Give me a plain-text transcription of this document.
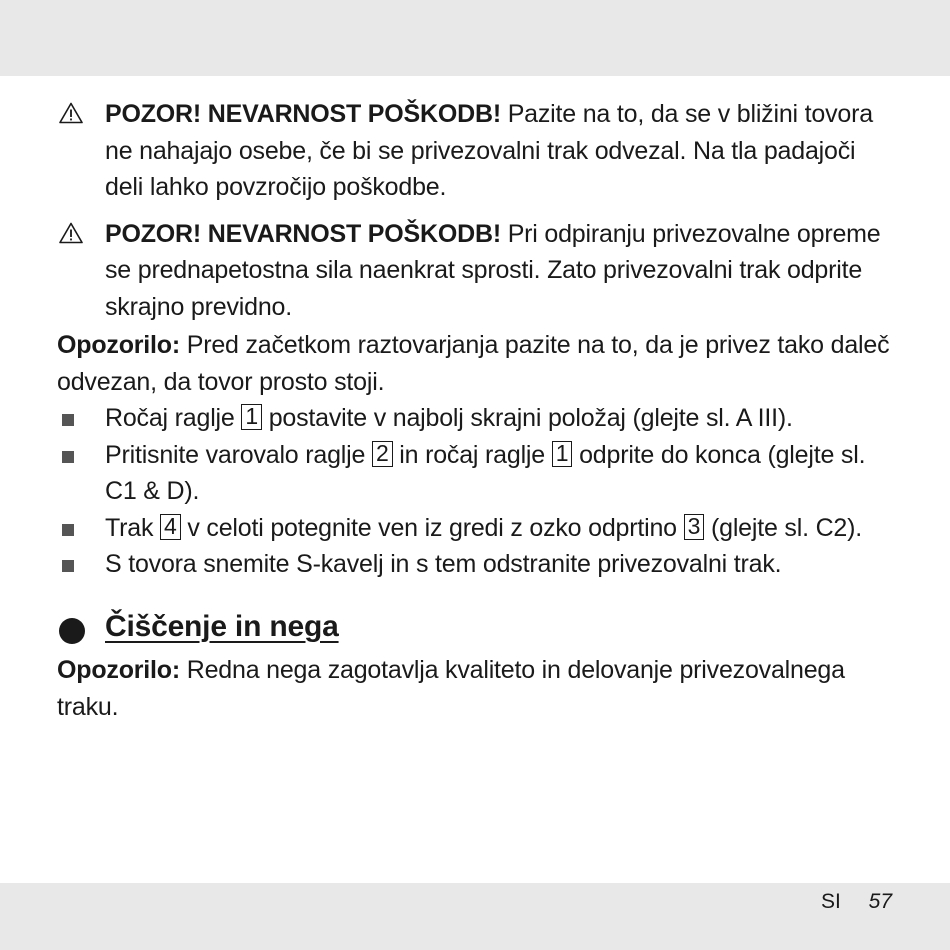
POZOR! NEVARNOST POŠKODB! Pazite na to, da se v bližini tovora ne nahajajo osebe, če bi se privezovalni trak odvezal. Na tla padajoči deli lahko povzročijo poškodbe.

POZOR! NEVARNOST POŠKODB! Pri odpiranju privezovalne opreme se prednapetostna sila naenkrat sprosti. Zato privezovalni trak odprite skrajno previdno.

Opozorilo: Pred začetkom raztovarjanja pazite na to, da je privez tako daleč odvezan, da tovor prosto stoji.

Ročaj raglje 1 postavite v najbolj skrajni položaj (glejte sl. A III).

Pritisnite varovalo raglje 2 in ročaj raglje 1 odprite do konca (glejte sl. C1 & D).

Trak 4 v celoti potegnite ven iz gredi z ozko odprtino 3 (glejte sl. C2).

S tovora snemite S-kavelj in s tem odstranite privezovalni trak.

Čiščenje in nega

Opozorilo: Redna nega zagotavlja kvaliteto in delovanje privezovalnega traku.

SI 57
